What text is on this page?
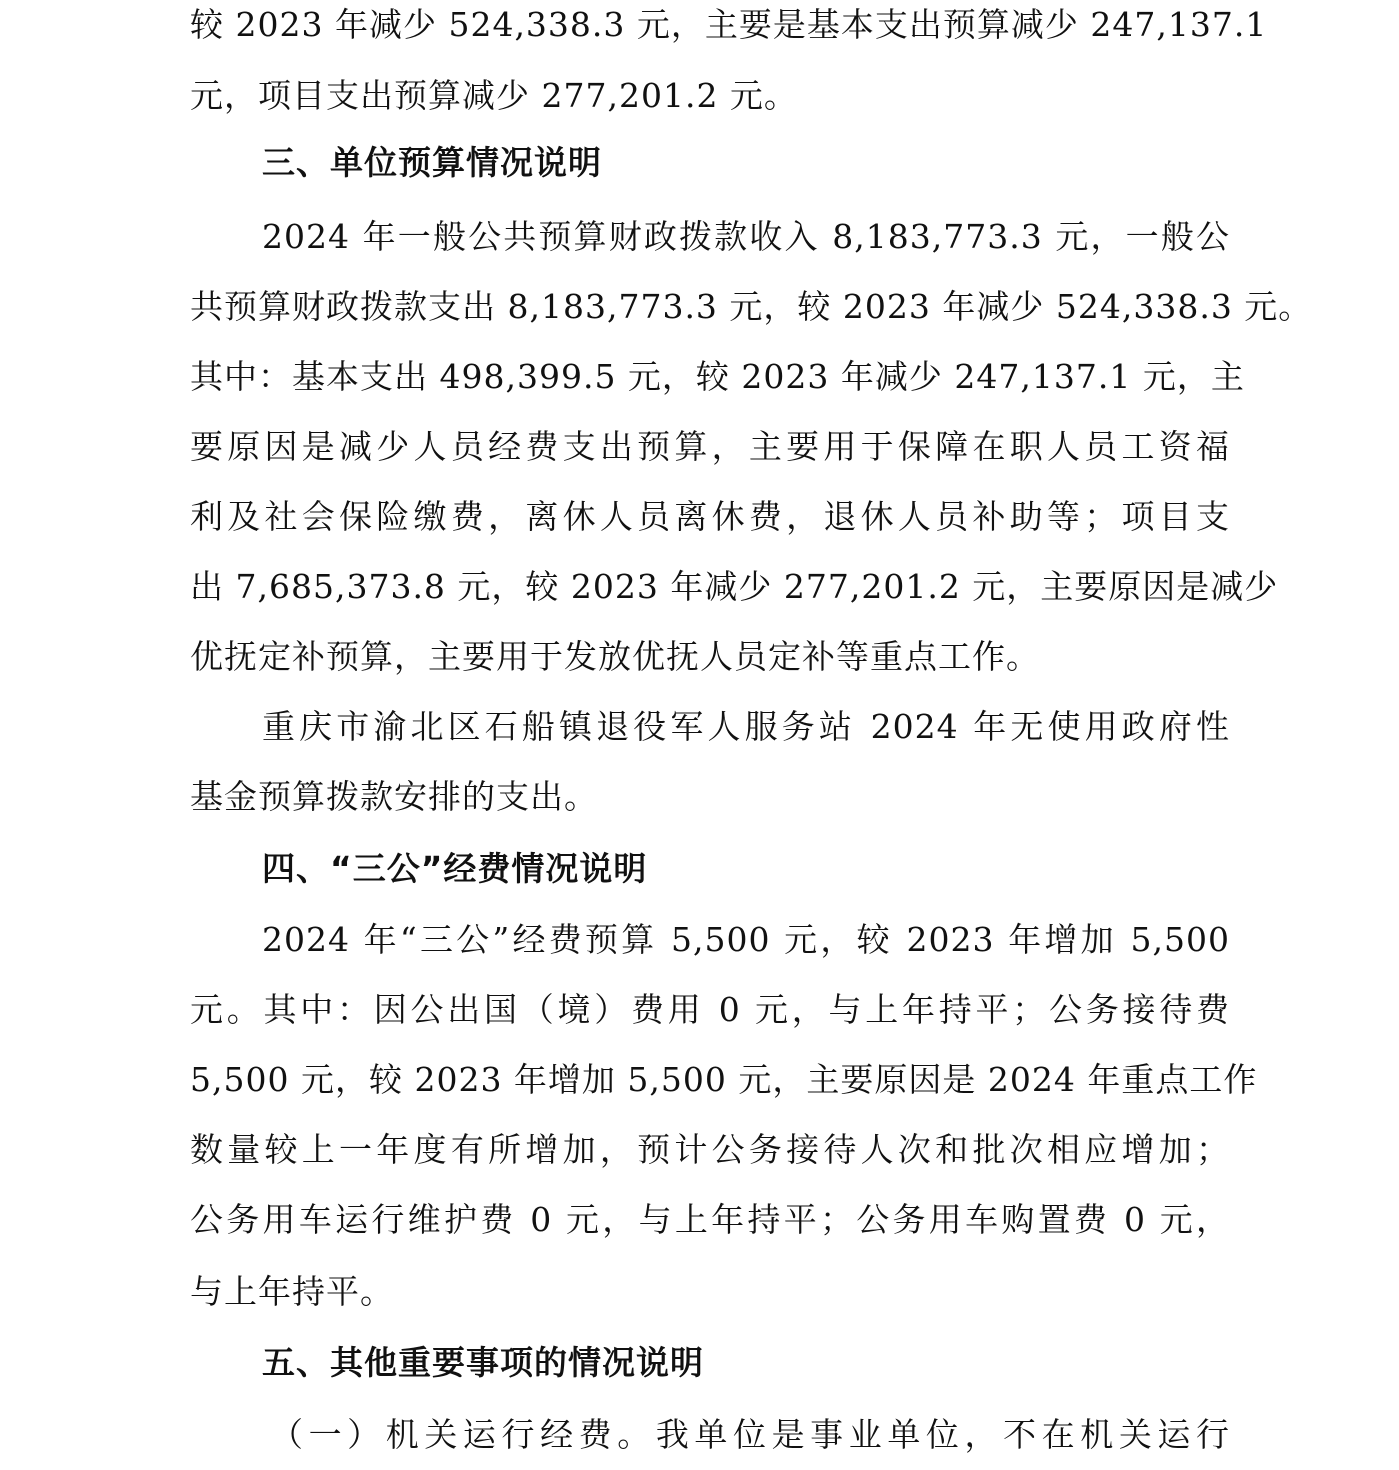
较 2023 年减少 524,338.3 元，主要是基本支出预算减少 247,137.1
元，项目支出预算减少 277,201.2 元。
三、单位预算情况说明
2024 年一般公共预算财政拨款收入 8,183,773.3 元，一般公
共预算财政拨款支出 8,183,773.3 元，较 2023 年减少 524,338.3 元。
其中：基本支出 498,399.5 元，较 2023 年减少 247,137.1 元，主
要原因是减少人员经费支出预算，主要用于保障在职人员工资福
利及社会保险缴费，离休人员离休费，退休人员补助等；项目支
出 7,685,373.8 元，较 2023 年减少 277,201.2 元，主要原因是减少
优抚定补预算，主要用于发放优抚人员定补等重点工作。
重庆市渝北区石船镇退役军人服务站 2024 年无使用政府性
基金预算拨款安排的支出。
四、“三公”经费情况说明
2024 年“三公”经费预算 5,500 元，较 2023 年增加 5,500
元。其中：因公出国（境）费用 0 元，与上年持平；公务接待费
5,500 元，较 2023 年增加 5,500 元，主要原因是 2024 年重点工作
数量较上一年度有所增加，预计公务接待人次和批次相应增加；
公务用车运行维护费 0 元，与上年持平；公务用车购置费 0 元，
与上年持平。
五、其他重要事项的情况说明
（一）机关运行经费。我单位是事业单位，不在机关运行
